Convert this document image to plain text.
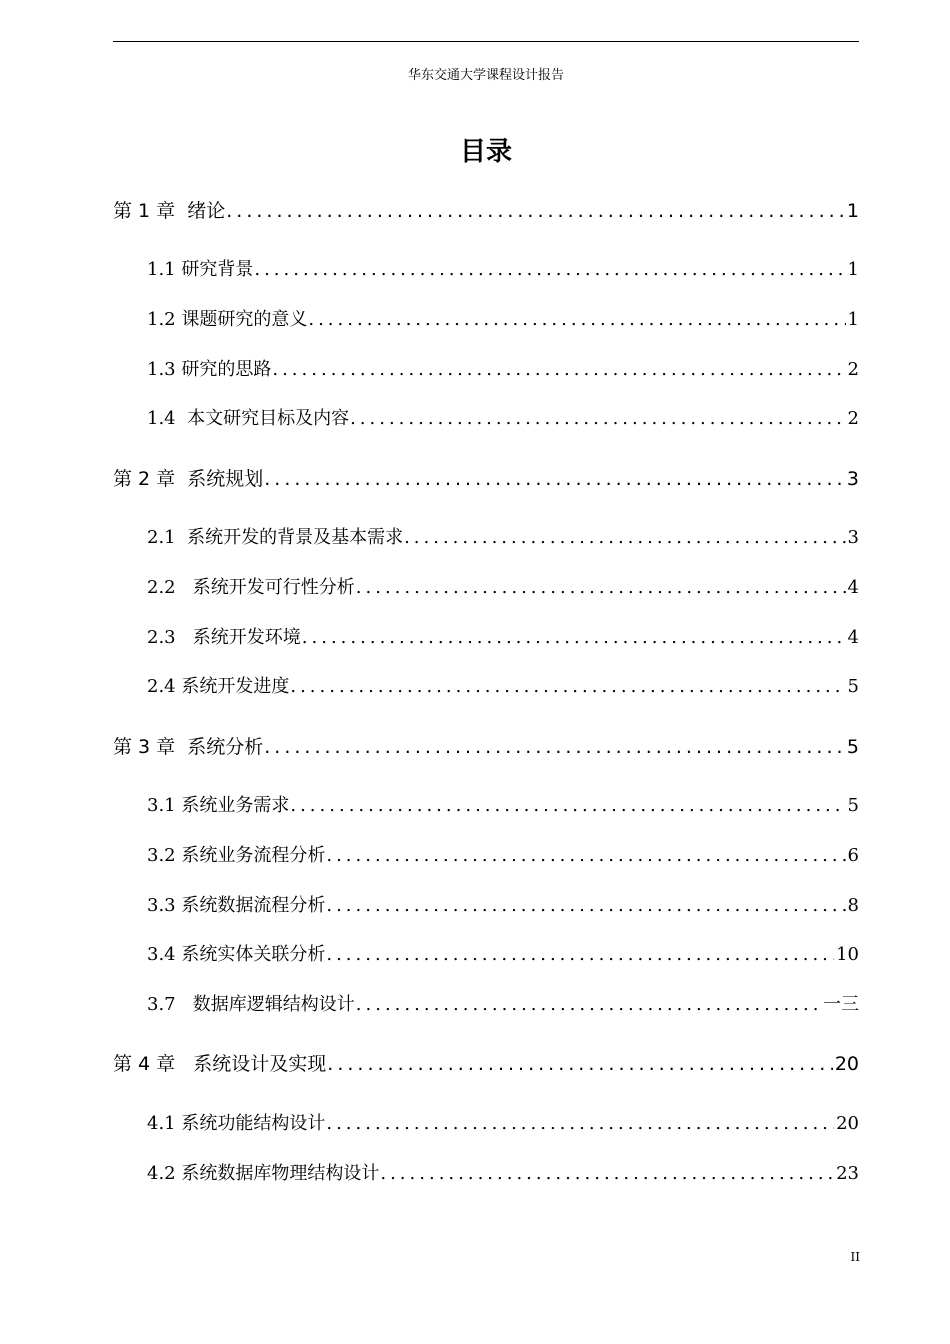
华东交通大学课程设计报告
目录
第 1 章  绪论 .....	1
1.1 研究背景 .....	1
1.2 课题研究的意义 .....	1
1.3 研究的思路 .....	2
1.4  本文研究目标及内容 .....	2
第 2 章  系统规划 .....	3
2.1  系统开发的背景及基本需求 .....	3
2.2   系统开发可行性分析 .....	4
2.3   系统开发环境 .....	4
2.4 系统开发进度 .....	5
第 3 章  系统分析 .....	5
3.1 系统业务需求 .....	5
3.2 系统业务流程分析 .....	6
3.3 系统数据流程分析 .....	8
3.4 系统实体关联分析 .....	10
3.7   数据库逻辑结构设计 .....	一三
第 4 章   系统设计及实现 .....	20
4.1 系统功能结构设计 .....	20
4.2 系统数据库物理结构设计 .....	23
II
